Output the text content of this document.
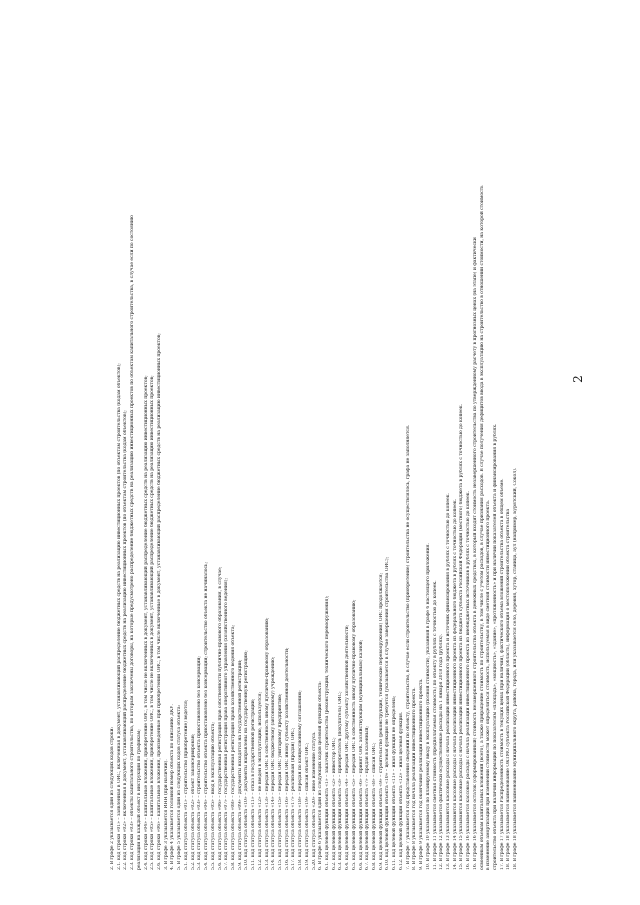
2
2. В графе 2 указывается один из следующих кодов строки: 2.1. код строки «01» – заявленная в ОИС, включенная в документ, устанавливающий распределение бюджетных средств на реализацию инвестиционных проектов (по объектам строительства (кодам объектов); 2.2. код строки «02» – включенная в документ, устанавливающий распределение бюджетных средств на реализацию инвестиционных проектов (по объектам строительства (кодам объектов); 2.3. код строки «03» – объекты капитального строительства, по которым заключены договоры, на которые предусмотрено распределение бюджетных средств на реализацию инвестиционных проектов по объектам капитального строительства, в случае если по состоянию реализации на каждый объект в инструкции по графикам; 2.4. код строки «04» – капитальные вложения, приобретение ОИС, в том числе не включенных в документ, устанавливающий распределение бюджетных средств на реализацию инвестиционных проектов; 2.5. код строки «05» – капитальные вложения, приобретение ОИС, в том числе не включенных в документ, устанавливающий распределение бюджетных средств на реализацию инвестиционных проектов; 2.6. код строки «06» – капитальные вложения, произведенные при приобретении ОИС, в том числе включенные в документ, устанавливающий распределение бюджетных средств на реализацию инвестиционных проектов; 3. В графе 3 указывается ИНН (при наличии). 4. В графе 4 указывается головной номер объекта по описанию ДКУ. 5. В графе 5 указывается один из следующих кодов статуса объекта: 5.1. код статуса объекта «01» – строительство (приобретение) ведется; 5.2. код статуса объекта «02» – объект законсервирован; 5.3. код статуса объекта «03» – строительство объекта приостановлено без консервации; 5.4. код статуса объекта «04» – строительство объекта приостановлено без консервации; строительство объекта не начиналось; 5.5. код статуса объекта «05» – ввод в эксплуатацию объекта; 5.6. код статуса объекта «06» – государственная регистрация прав собственности публично-правового образования, в случае; 5.7. код статуса объекта «07» – государственная регистрация права оперативного управления (хозяйственного ведения); 5.8. код статуса объекта «08» – государственная регистрация права хозяйственного ведения объекта; 5.9. код статуса объекта «09» – документы находятся на государственной регистрации; 5.10. код статуса объекта «10» – документы направлены на государственную регистрацию; 5.11. код статуса объекта «11» – отказ в государственной регистрации; 5.12. код статуса объекта «12» – не введен в эксплуатацию, используется; 5.13. код статуса объекта «13» – передан ОИС в собственность иному публично-правовому образованию; 5.14. код статуса объекта «14» – передан ОИС бюджетному (автономному) учреждению; 5.15. код статуса объекта «15» – передан ОИС унитарному предприятию; 5.16. код статуса объекта «16» – передан ОИС иному субъекту хозяйственной деятельности; 5.17. код статуса объекта «17» – реализован (продан) ОИС; 5.18. код статуса объекта «18» – передан по концессионному соглашению; 5.19. код статуса объекта «19» – списан объект ОИС; 5.20. код статуса объекта «20» – иное изменение статуса. 6. В графе 6 указывается один из следующих кодов целевой функции объекта: 6.1. код целевой функции объекта «1» – заказчик строительства (реконструкции, технического перевооружения); 6.2. код целевой функции объекта «2» – инвестор ОИС; 6.3. код целевой функции объекта «3» – приобретатель (покупатель) ОИС; 6.4. код целевой функции объекта «4» – передан ОИС другому субъекту хозяйственной деятельности; 6.5. код целевой функции объекта «5» – передан ОИС в собственность иному публично-правовому образованию; 6.6. код целевой функции объекта «6» – принят ОИС хозяйствующим (муниципальным) казной; 6.7. код целевой функции объекта «7» – продан в казенный; 6.8. код целевой функции объекта «8» – списан ОИС; 6.9. код целевой функции объекта «9» – строительство (реконструкция, технические перевооружения) ОИС продолжается; 6.10. код целевой функции объекта «10» – целевая функция не требуется (указывается в случае завершения строительства ОИС); 6.11. код целевой функции объекта «11» – иная функция не определена; 6.12. код целевой функции объекта «12» – иная целевая функция. 7. В графе 7 указывается год представления сведений по объекту, строительство, в случае если строительство (приобретение) строительства не осуществлялось, графа не заполняется. 8. В графе 8 указывается год начала реализации инвестиционного проекта. 9. В графе 9 указывается год окончания реализации инвестиционного проекта. 10. В графе 10 указывается по планируемому вводу в эксплуатацию (полной стоимости), указанной в графе 6 настоящего приложения. 11. В графе 11 указывается сметная стоимость (предполагаемая стоимость) по объекту в рублях с точностью до копеек. 12. В графе 12 указывается фактически осуществленные расходы на 1 января 2018 года (рублях). 13. В графе 13 указываются кассовые расходы с начала реализации инвестиционного проекта и источник финансирования в рублях с точностью до копеек. 14. В графе 14 указываются кассовые расходы с начала реализации инвестиционного проекта из федерального бюджета в рублях с точностью до копеек. 15. В графе 15 указываются кассовые расходы с начала реализации инвестиционного проекта из бюджета субъекта Российской Федерации (местного) бюджета в рублях с точностью до копеек. 16. В графе 16 указывается кассовые расходы с начала реализации инвестиционного проекта из внебюджетных источников в рублях с точностью до копеек. 16. В графе 16 указывается остаток (сформированный) стоимость незавершенного строительства объекта в денежных средствах, в который входит стоимость незавершенного строительства по утвержденному расчету в прогнозных ценах (на этапе) и фактически освоенным объемам капитальных вложений (всего), а также приращение стоимость по строительству, в том числе с учетом расходов, в случае признания расходов. В случае получения дефицитов ввода в эксплуатацию на строительство в отношении стоимости, на которой стоимость в изменение амортизации при изменении стоимости может определиться стоимость, используемая в виде сметной стоимости инвестиционного проекта. строительство объекта при наличии информации по показателям «площадь», «мощность», «здание», «протяженность» и при наличии показателей объекта и финансирования в рублях. 17. В графе 17 указывается Распределенность стоимость в текущих ценах (при наличии), фактического объема вложений строительства объекта в общем объеме. 18. В графе 18 указывается наименование ОКТМО субъекта Российской Федерации (область), информация о местоположении объекта строительства 18. В графе 18 указывается наименование муниципального округа, района, города, или указывается село, деревня, хутор, станица, аул (например, Бурятский, Сокол).
